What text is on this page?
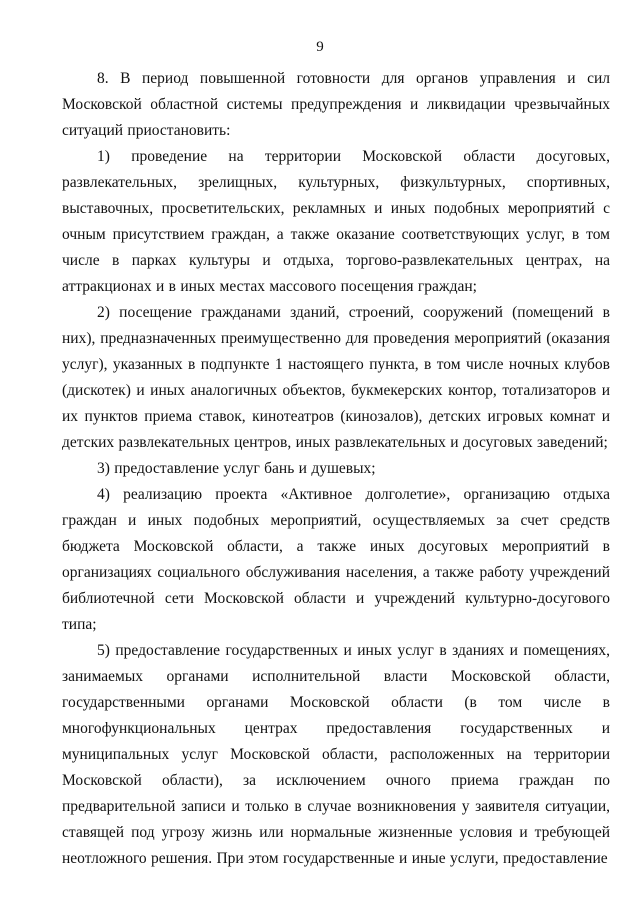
9

8. В период повышенной готовности для органов управления и сил Московской областной системы предупреждения и ликвидации чрезвычайных ситуаций приостановить:

1) проведение на территории Московской области досуговых, развлекательных, зрелищных, культурных, физкультурных, спортивных, выставочных, просветительских, рекламных и иных подобных мероприятий с очным присутствием граждан, а также оказание соответствующих услуг, в том числе в парках культуры и отдыха, торгово-развлекательных центрах, на аттракционах и в иных местах массового посещения граждан;

2) посещение гражданами зданий, строений, сооружений (помещений в них), предназначенных преимущественно для проведения мероприятий (оказания услуг), указанных в подпункте 1 настоящего пункта, в том числе ночных клубов (дискотек) и иных аналогичных объектов, букмекерских контор, тотализаторов и их пунктов приема ставок, кинотеатров (кинозалов), детских игровых комнат и детских развлекательных центров, иных развлекательных и досуговых заведений;

3) предоставление услуг бань и душевых;

4) реализацию проекта «Активное долголетие», организацию отдыха граждан и иных подобных мероприятий, осуществляемых за счет средств бюджета Московской области, а также иных досуговых мероприятий в организациях социального обслуживания населения, а также работу учреждений библиотечной сети Московской области и учреждений культурно-досугового типа;

5) предоставление государственных и иных услуг в зданиях и помещениях, занимаемых органами исполнительной власти Московской области, государственными органами Московской области (в том числе в многофункциональных центрах предоставления государственных и муниципальных услуг Московской области, расположенных на территории Московской области), за исключением очного приема граждан по предварительной записи и только в случае возникновения у заявителя ситуации, ставящей под угрозу жизнь или нормальные жизненные условия и требующей неотложного решения. При этом государственные и иные услуги, предоставление
